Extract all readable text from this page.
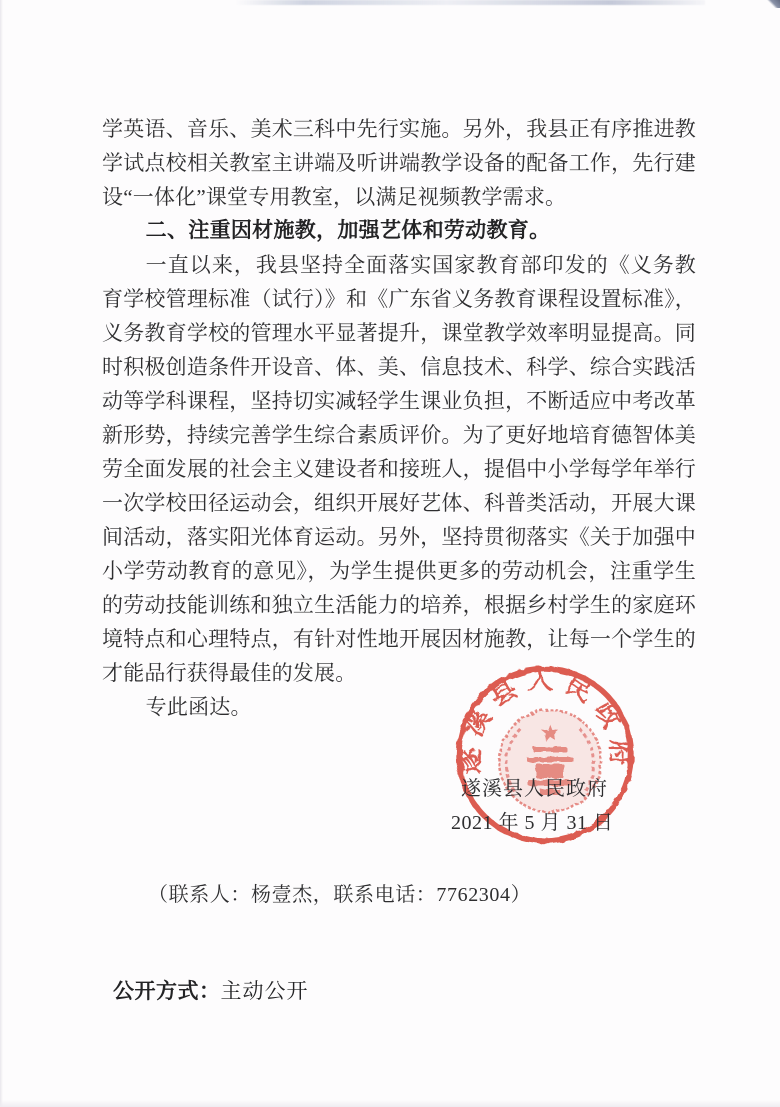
学英语、音乐、美术三科中先行实施。另外，我县正有序推进教学试点校相关教室主讲端及听讲端教学设备的配备工作，先行建设“一体化”课堂专用教室，以满足视频教学需求。

二、注重因材施教，加强艺体和劳动教育。

一直以来，我县坚持全面落实国家教育部印发的《义务教育学校管理标准（试行）》和《广东省义务教育课程设置标准》，义务教育学校的管理水平显著提升，课堂教学效率明显提高。同时积极创造条件开设音、体、美、信息技术、科学、综合实践活动等学科课程，坚持切实减轻学生课业负担，不断适应中考改革新形势，持续完善学生综合素质评价。为了更好地培育德智体美劳全面发展的社会主义建设者和接班人，提倡中小学每学年举行一次学校田径运动会，组织开展好艺体、科普类活动，开展大课间活动，落实阳光体育运动。另外，坚持贯彻落实《关于加强中小学劳动教育的意见》，为学生提供更多的劳动机会，注重学生的劳动技能训练和独立生活能力的培养，根据乡村学生的家庭环境特点和心理特点，有针对性地开展因材施教，让每一个学生的才能品行获得最佳的发展。

专此函达。

遂溪县人民政府
遂溪县人民政府
2021 年 5 月 31 日
（联系人：杨壹杰，联系电话：7762304）
公开方式：主动公开
